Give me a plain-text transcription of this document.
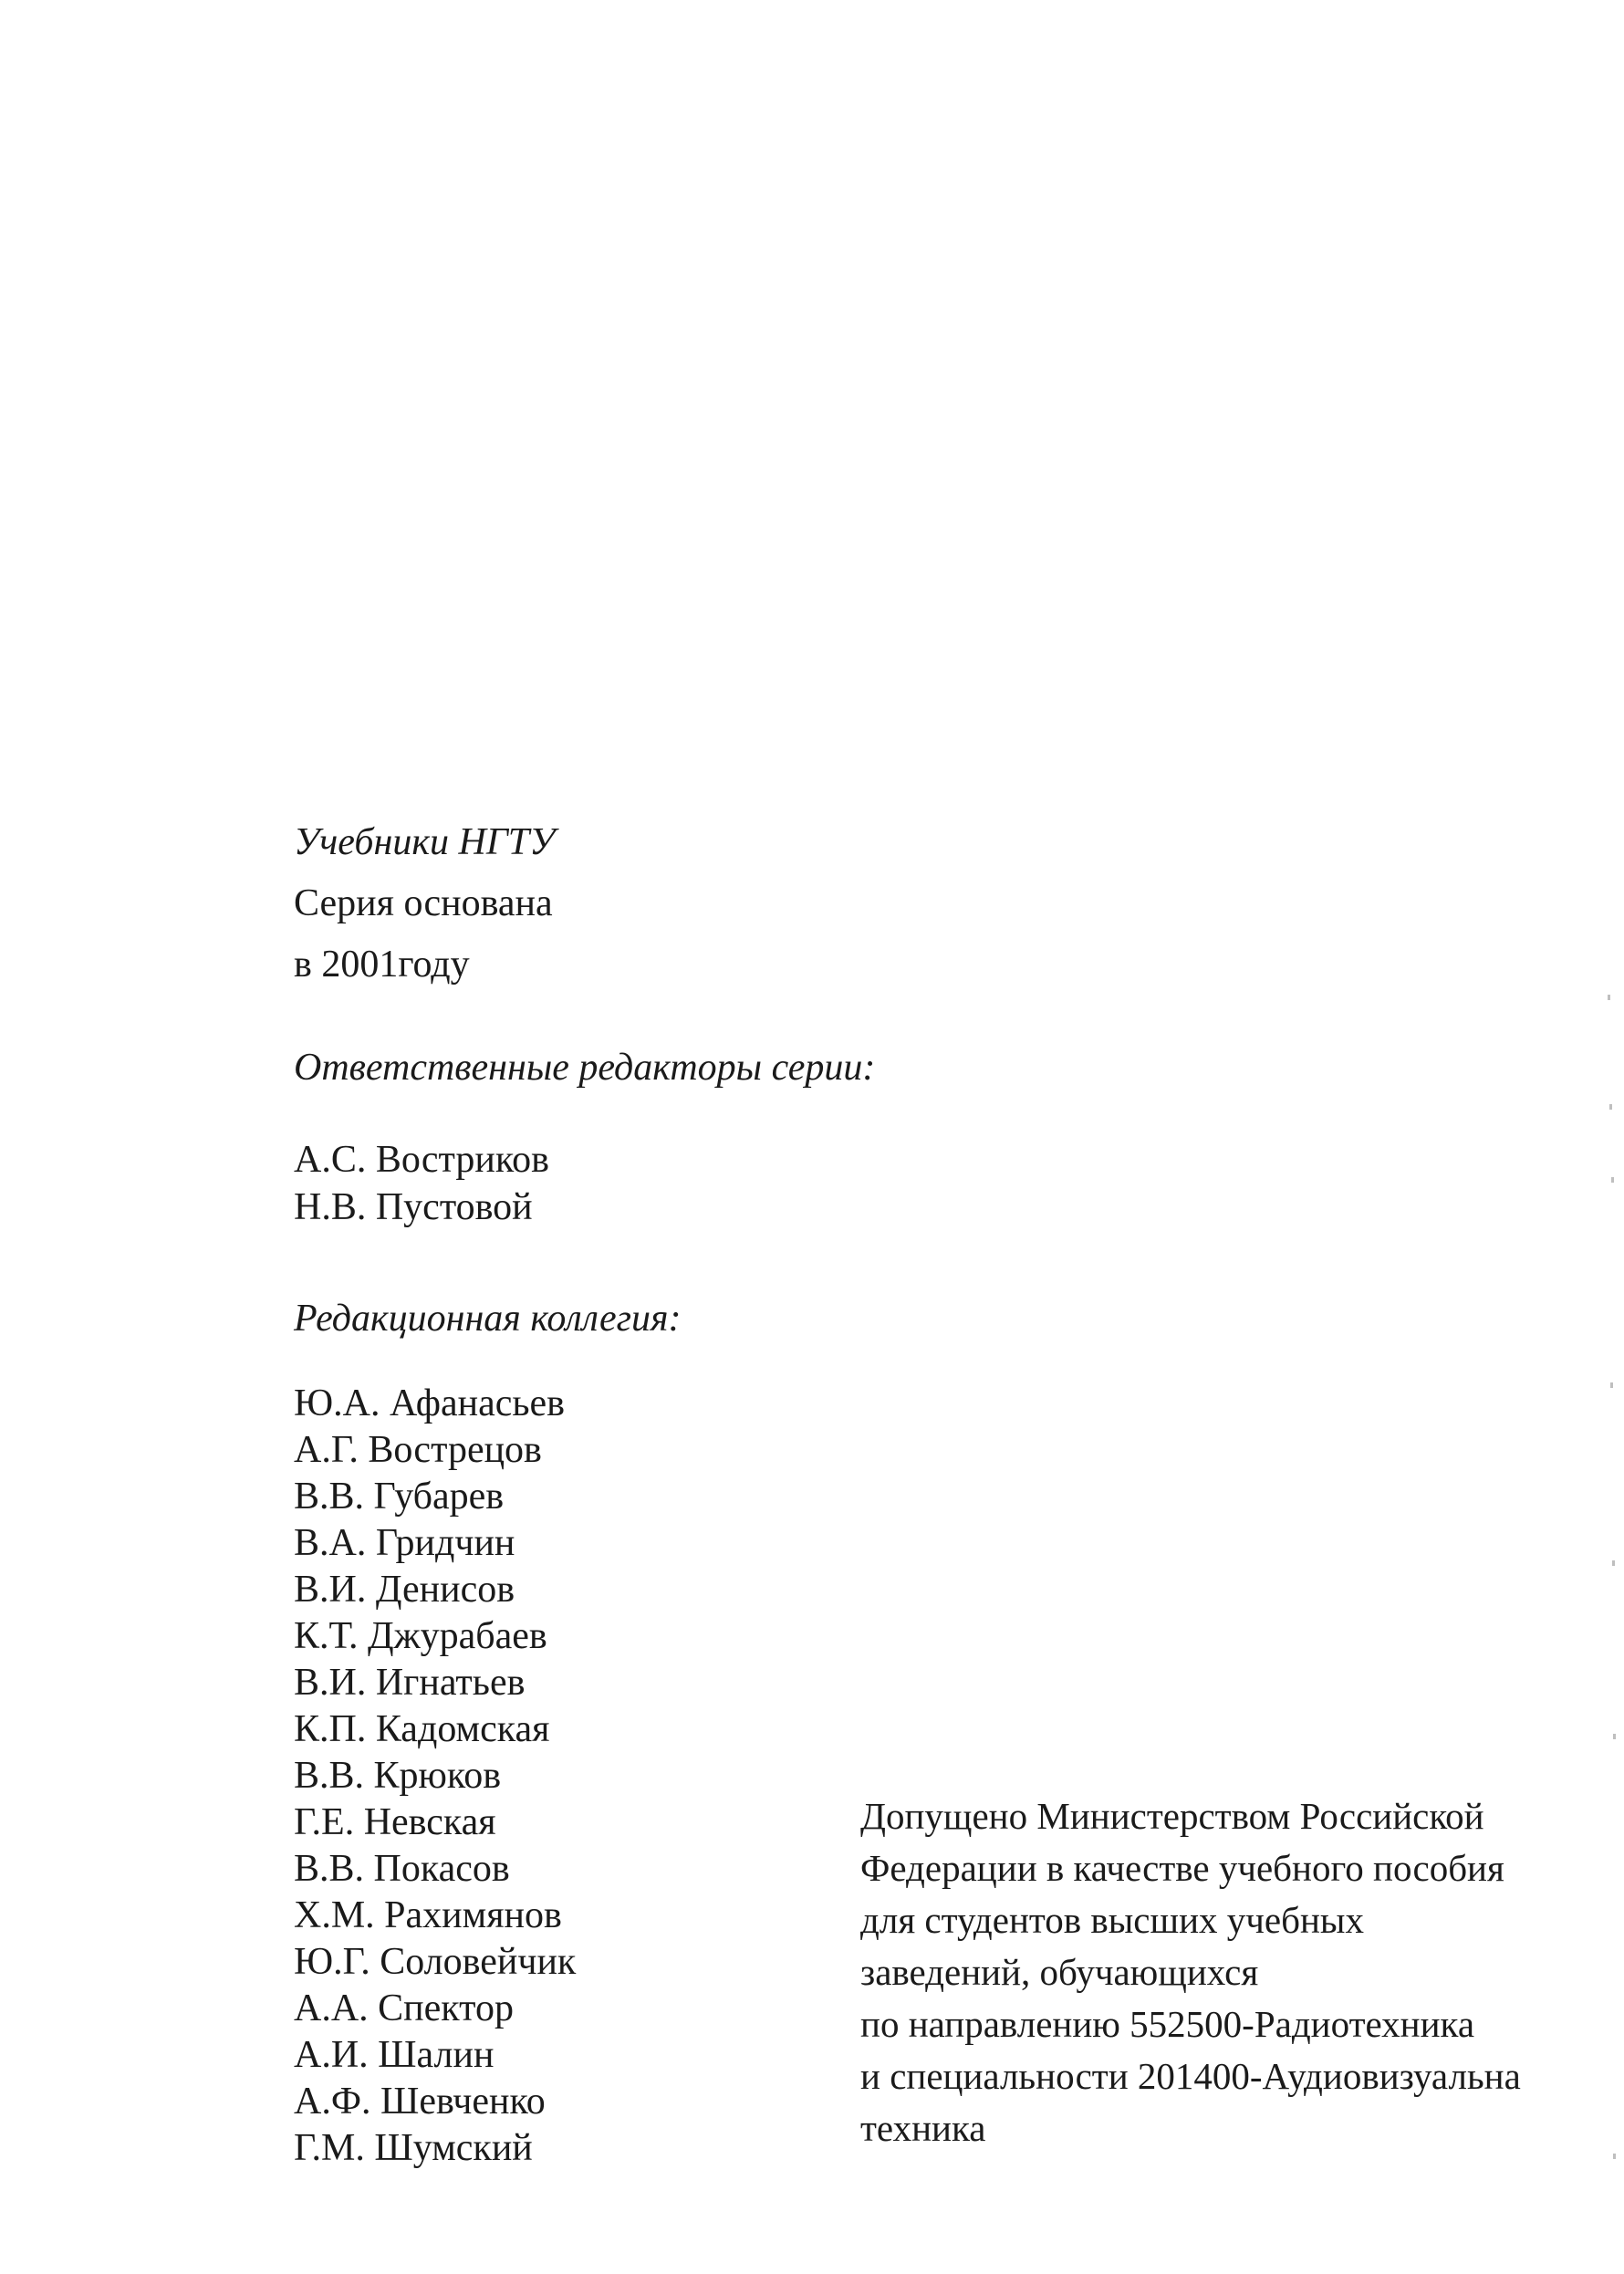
Учебники НГТУ
Серия основана
в 2001году
Ответственные редакторы серии:
А.С. Востриков
Н.В. Пустовой
Редакционная коллегия:
Ю.А. Афанасьев
А.Г. Вострецов
В.В. Губарев
В.А. Гридчин
В.И. Денисов
К.Т. Джурабаев
В.И. Игнатьев
К.П. Кадомская
В.В. Крюков
Г.Е. Невская
В.В. Покасов
Х.М. Рахимянов
Ю.Г. Соловейчик
А.А. Спектор
А.И. Шалин
А.Ф. Шевченко
Г.М. Шумский
Допущено Министерством Российской
Федерации в качестве учебного пособия
для студентов высших учебных
заведений, обучающихся
по направлению 552500-Радиотехника
и специальности 201400-Аудиовизуальна
техника
